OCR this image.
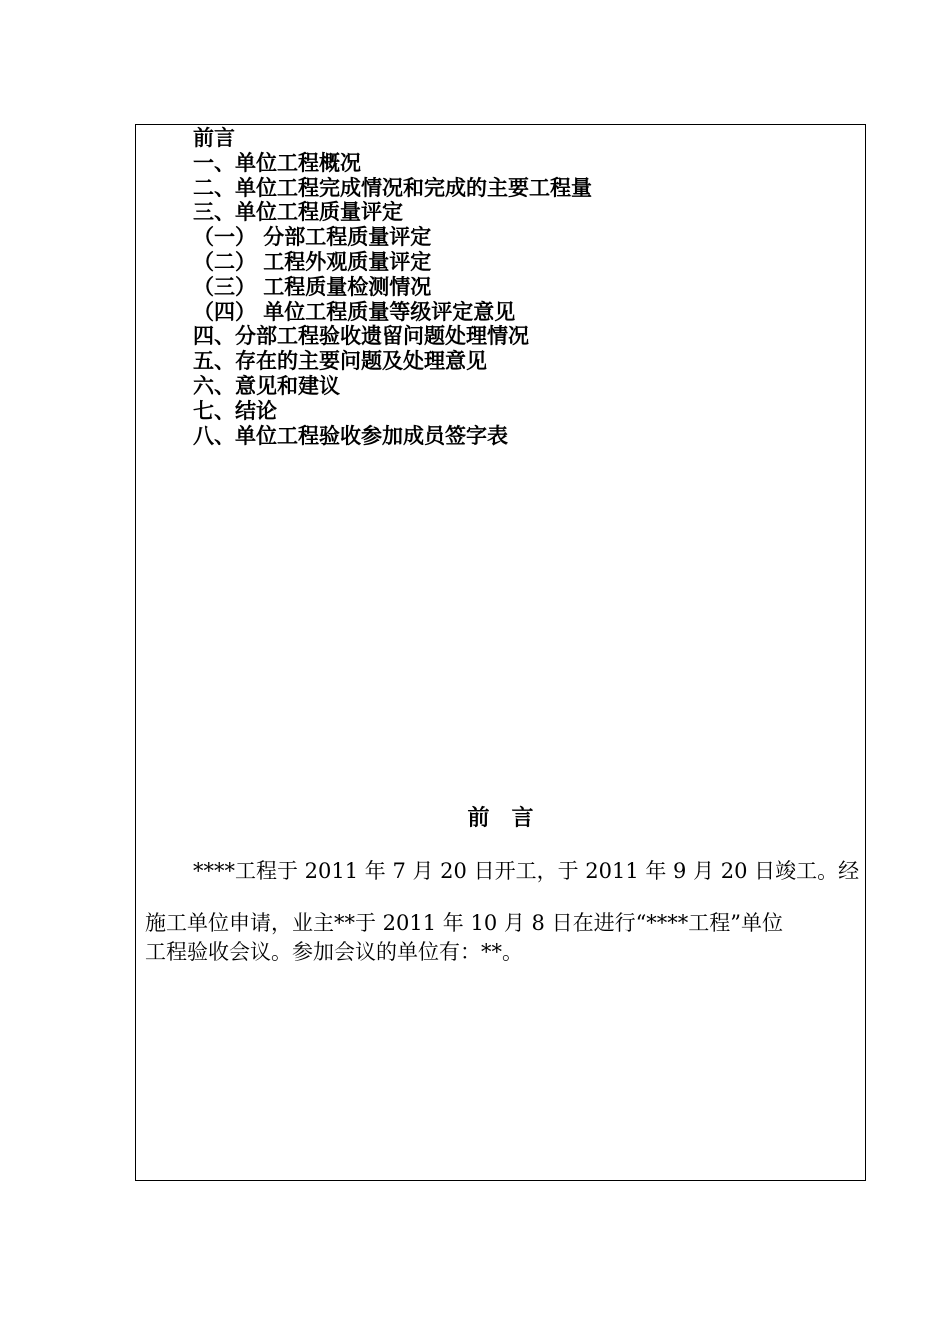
前言
一、单位工程概况
二、单位工程完成情况和完成的主要工程量
三、单位工程质量评定
（一） 分部工程质量评定
（二） 工程外观质量评定
（三） 工程质量检测情况
（四） 单位工程质量等级评定意见
四、分部工程验收遗留问题处理情况
五、存在的主要问题及处理意见
六、意见和建议
七、结论
八、单位工程验收参加成员签字表
前言

****工程于 2011 年 7 月 20 日开工，于 2011 年 9 月 20 日竣工。经
施工单位申请，业主**于 2011 年 10 月 8 日在进行“****工程”单位
工程验收会议。参加会议的单位有：**。
